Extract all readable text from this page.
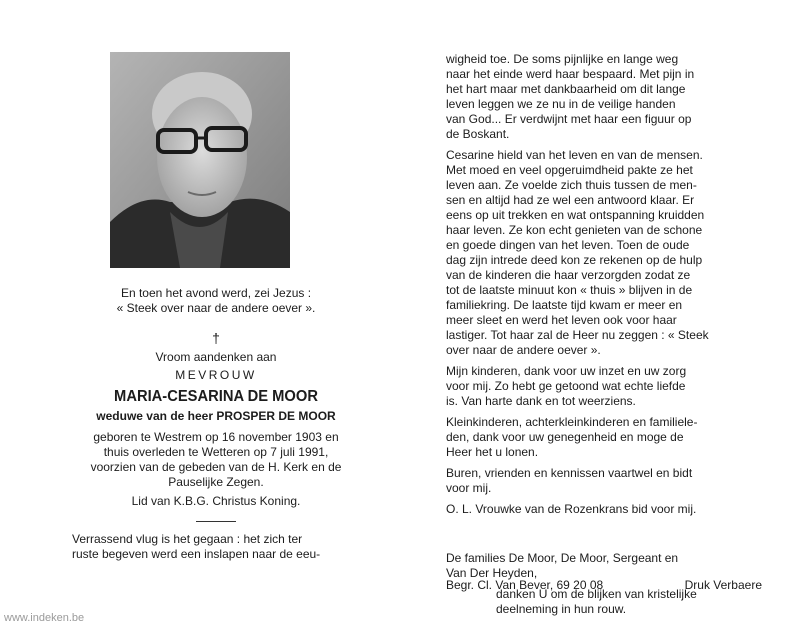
En toen het avond werd, zei Jezus :

« Steek over naar de andere oever ».

†

Vroom aandenken aan

MEVROUW

MARIA-CESARINA DE MOOR

weduwe van de heer PROSPER DE MOOR

geboren te Westrem op 16 november 1903 en

thuis overleden te Wetteren op 7 juli 1991,

voorzien van de gebeden van de H. Kerk en de

Pauselijke Zegen.

Lid van K.B.G. Christus Koning.

Verrassend vlug is het gegaan : het zich ter

ruste begeven werd een inslapen naar de eeu-

wigheid toe. De soms pijnlijke en lange weg

naar het einde werd haar bespaard. Met pijn in

het hart maar met dankbaarheid om dit lange

leven leggen we ze nu in de veilige handen

van God... Er verdwijnt met haar een figuur op

de Boskant.

Cesarine hield van het leven en van de mensen.

Met moed en veel opgeruimdheid pakte ze het

leven aan. Ze voelde zich thuis tussen de men-

sen en altijd had ze wel een antwoord klaar. Er

eens op uit trekken en wat ontspanning kruidden

haar leven. Ze kon echt genieten van de schone

en goede dingen van het leven. Toen de oude

dag zijn intrede deed kon ze rekenen op de hulp

van de kinderen die haar verzorgden zodat ze

tot de laatste minuut kon « thuis » blijven in de

familiekring. De laatste tijd kwam er meer en

meer sleet en werd het leven ook voor haar

lastiger. Tot haar zal de Heer nu zeggen : « Steek

over naar de andere oever ».

Mijn kinderen, dank voor uw inzet en uw zorg

voor mij. Zo hebt ge getoond wat echte liefde

is. Van harte dank en tot weerziens.

Kleinkinderen, achterkleinkinderen en familiele-

den, dank voor uw genegenheid en moge de

Heer het u lonen.

Buren, vrienden en kennissen vaartwel en bidt

voor mij.

O. L. Vrouwke van de Rozenkrans bid voor mij.

De families De Moor, De Moor, Sergeant en

Van Der Heyden,

danken U om de blijken van kristelijke

deelneming in hun rouw.

Begr. Cl. Van Bever, 69 20 08	Druk Verbaere
www.indeken.be
